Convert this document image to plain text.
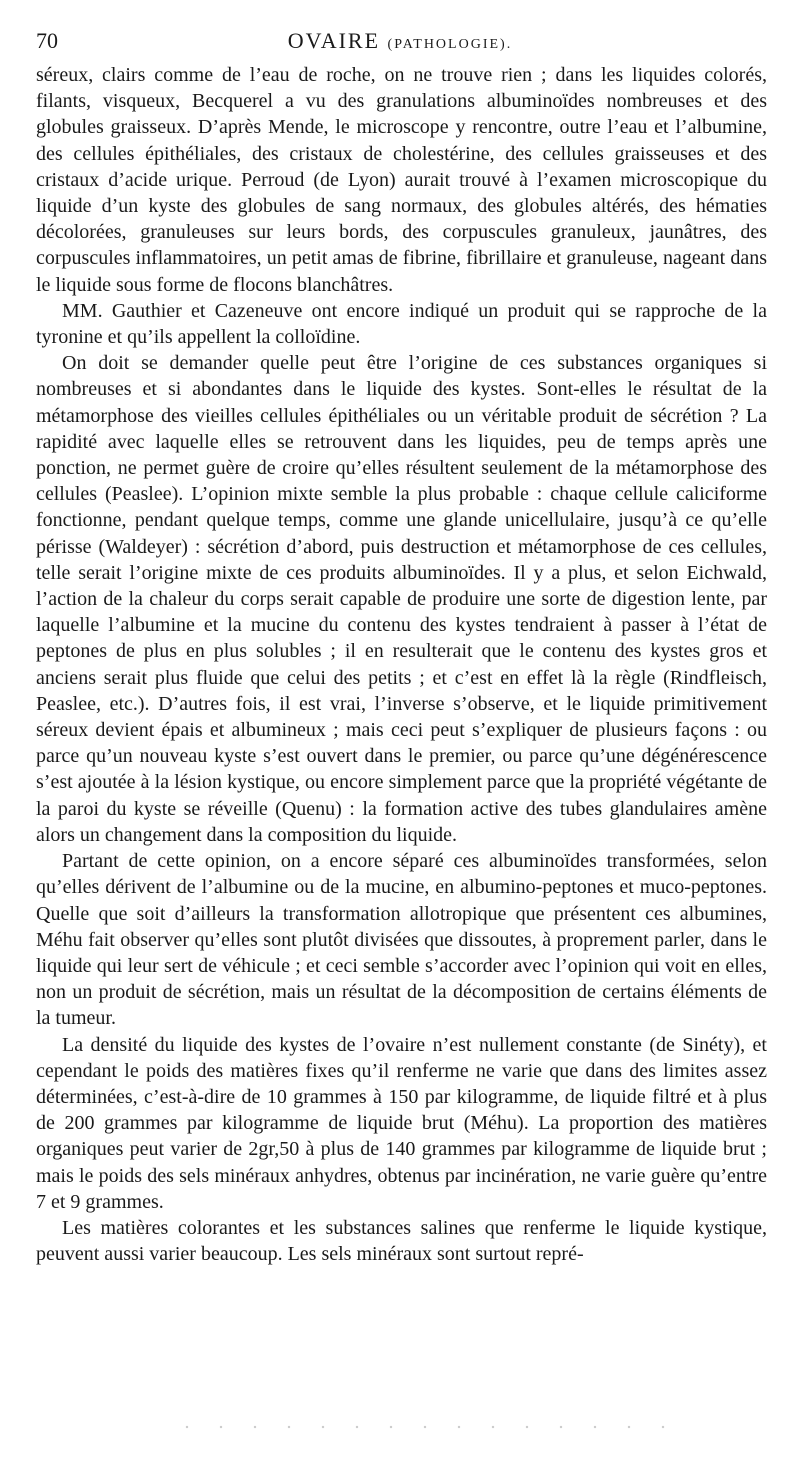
70	OVAIRE (PATHOLOGIE).

séreux, clairs comme de l’eau de roche, on ne trouve rien ; dans les liquides colorés, filants, visqueux, Becquerel a vu des granulations albuminoïdes nombreuses et des globules graisseux. D’après Mende, le microscope y rencontre, outre l’eau et l’albumine, des cellules épithéliales, des cristaux de cholestérine, des cellules graisseuses et des cristaux d’acide urique. Perroud (de Lyon) aurait trouvé à l’examen microscopique du liquide d’un kyste des globules de sang normaux, des globules altérés, des hématies décolorées, granuleuses sur leurs bords, des corpuscules granuleux, jaunâtres, des corpuscules inflammatoires, un petit amas de fibrine, fibrillaire et granuleuse, nageant dans le liquide sous forme de flocons blanchâtres.

MM. Gauthier et Cazeneuve ont encore indiqué un produit qui se rapproche de la tyronine et qu’ils appellent la colloïdine.

On doit se demander quelle peut être l’origine de ces substances organiques si nombreuses et si abondantes dans le liquide des kystes. Sont-elles le résultat de la métamorphose des vieilles cellules épithéliales ou un véritable produit de sécrétion ? La rapidité avec laquelle elles se retrouvent dans les liquides, peu de temps après une ponction, ne permet guère de croire qu’elles résultent seulement de la métamorphose des cellules (Peaslee). L’opinion mixte semble la plus probable : chaque cellule caliciforme fonctionne, pendant quelque temps, comme une glande unicellulaire, jusqu’à ce qu’elle périsse (Waldeyer) : sécrétion d’abord, puis destruction et métamorphose de ces cellules, telle serait l’origine mixte de ces produits albuminoïdes. Il y a plus, et selon Eichwald, l’action de la chaleur du corps serait capable de produire une sorte de digestion lente, par laquelle l’albumine et la mucine du contenu des kystes tendraient à passer à l’état de peptones de plus en plus solubles ; il en resulterait que le contenu des kystes gros et anciens serait plus fluide que celui des petits ; et c’est en effet là la règle (Rindfleisch, Peaslee, etc.). D’autres fois, il est vrai, l’inverse s’observe, et le liquide primitivement séreux devient épais et albumineux ; mais ceci peut s’expliquer de plusieurs façons : ou parce qu’un nouveau kyste s’est ouvert dans le premier, ou parce qu’une dégénérescence s’est ajoutée à la lésion kystique, ou encore simplement parce que la propriété végétante de la paroi du kyste se réveille (Quenu) : la formation active des tubes glandulaires amène alors un changement dans la composition du liquide.

Partant de cette opinion, on a encore séparé ces albuminoïdes transformées, selon qu’elles dérivent de l’albumine ou de la mucine, en albumino-peptones et muco-peptones. Quelle que soit d’ailleurs la transformation allotropique que présentent ces albumines, Méhu fait observer qu’elles sont plutôt divisées que dissoutes, à proprement parler, dans le liquide qui leur sert de véhicule ; et ceci semble s’accorder avec l’opinion qui voit en elles, non un produit de sécrétion, mais un résultat de la décomposition de certains éléments de la tumeur.

La densité du liquide des kystes de l’ovaire n’est nullement constante (de Sinéty), et cependant le poids des matières fixes qu’il renferme ne varie que dans des limites assez déterminées, c’est-à-dire de 10 grammes à 150 par kilogramme, de liquide filtré et à plus de 200 grammes par kilogramme de liquide brut (Méhu). La proportion des matières organiques peut varier de 2gr,50 à plus de 140 grammes par kilogramme de liquide brut ; mais le poids des sels minéraux anhydres, obtenus par incinération, ne varie guère qu’entre 7 et 9 grammes.

Les matières colorantes et les substances salines que renferme le liquide kystique, peuvent aussi varier beaucoup. Les sels minéraux sont surtout repré-
